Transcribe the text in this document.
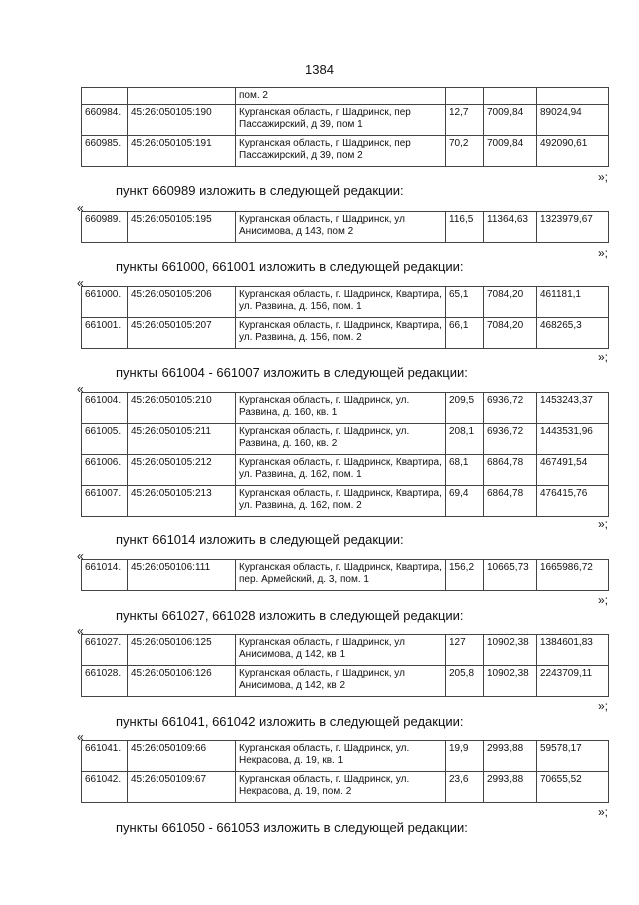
1384
		пом. 2			
660984.	45:26:050105:190	Курганская область, г Шадринск, пер Пассажирский, д 39, пом 1	12,7	7009,84	89024,94
660985.	45:26:050105:191	Курганская область, г Шадринск, пер Пассажирский, д 39, пом 2	70,2	7009,84	492090,61
»;
пункт 660989 изложить в следующей редакции:
«
660989.	45:26:050105:195	Курганская область, г Шадринск, ул Анисимова, д 143, пом 2	116,5	11364,63	1323979,67
»;
пункты 661000, 661001 изложить в следующей редакции:
«
661000.	45:26:050105:206	Курганская область, г. Шадринск, Квартира, ул. Развина, д. 156, пом. 1	65,1	7084,20	461181,1
661001.	45:26:050105:207	Курганская область, г. Шадринск, Квартира, ул. Развина, д. 156, пом. 2	66,1	7084,20	468265,3
»;
пункты 661004 - 661007 изложить в следующей редакции:
«
661004.	45:26:050105:210	Курганская область, г. Шадринск, ул. Развина, д. 160, кв. 1	209,5	6936,72	1453243,37
661005.	45:26:050105:211	Курганская область, г. Шадринск, ул. Развина, д. 160, кв. 2	208,1	6936,72	1443531,96
661006.	45:26:050105:212	Курганская область, г. Шадринск, Квартира, ул. Развина, д. 162, пом. 1	68,1	6864,78	467491,54
661007.	45:26:050105:213	Курганская область, г. Шадринск, Квартира, ул. Развина, д. 162, пом. 2	69,4	6864,78	476415,76
»;
пункт 661014 изложить в следующей редакции:
«
661014.	45:26:050106:111	Курганская область, г. Шадринск, Квартира, пер. Армейский, д. 3, пом. 1	156,2	10665,73	1665986,72
»;
пункты 661027, 661028 изложить в следующей редакции:
«
661027.	45:26:050106:125	Курганская область, г Шадринск, ул Анисимова, д 142, кв 1	127	10902,38	1384601,83
661028.	45:26:050106:126	Курганская область, г Шадринск, ул Анисимова, д 142, кв 2	205,8	10902,38	2243709,11
»;
пункты 661041, 661042 изложить в следующей редакции:
«
661041.	45:26:050109:66	Курганская область, г. Шадринск, ул. Некрасова, д. 19, кв. 1	19,9	2993,88	59578,17
661042.	45:26:050109:67	Курганская область, г. Шадринск, ул. Некрасова, д. 19, пом. 2	23,6	2993,88	70655,52
»;
пункты 661050 - 661053 изложить в следующей редакции:
